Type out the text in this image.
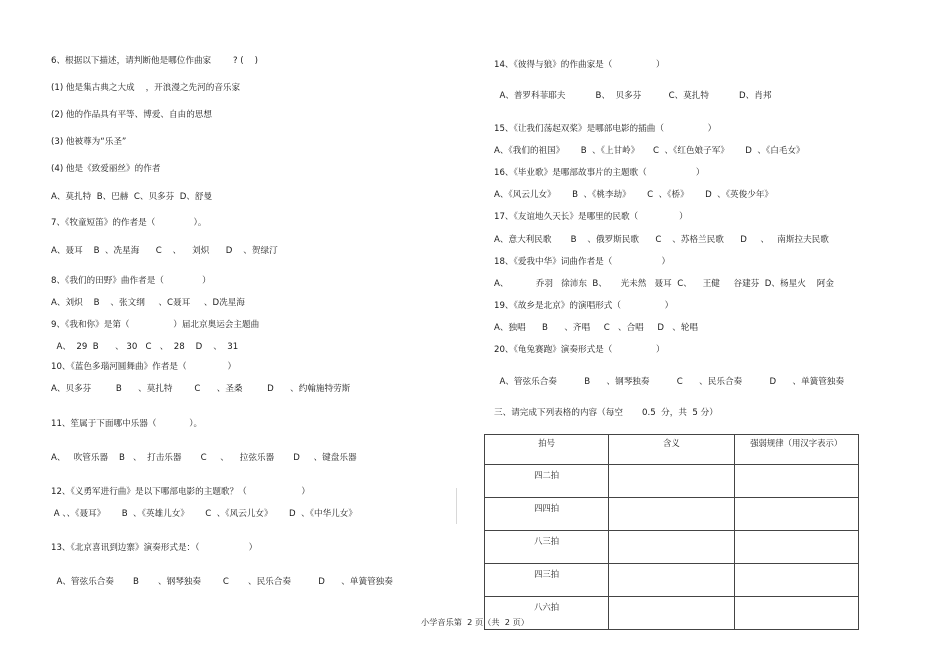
6、根据以下描述，请判断他是哪位作曲家        ? (    )
(1) 他是集古典之大成    ，开浪漫之先河的音乐家
(2) 他的作品具有平等、博爱、自由的思想
(3) 他被尊为“乐圣”
(4) 他是《致爱丽丝》的作者
A、莫扎特  B、巴赫  C、贝多芬  D、舒曼
7、《牧童短笛》的作者是（              ）。
A、聂耳    B  、冼星海      C    、    刘炽      D    、贺绿汀
8、《我们的田野》曲作者是（              ）
A、刘炽    B    、张文纲     、C聂耳     、D冼星海
9、《我和你》是第（                ）届北京奥运会主题曲
A、  29  B      、 30   C   、  28    D    、  31
10、《蓝色多瑙河圆舞曲》作者是（               ）
A、贝多芬         B      、莫扎特        C      、圣桑         D      、约翰施特劳斯
11、笙属于下面哪中乐器（            ）。
A、   吹管乐器    B   、  打击乐器       C     、    拉弦乐器       D     、键盘乐器
12、《义勇军进行曲》是以下哪部电影的主题歌？（                    ）
A 、、《聂耳》      B  、《英雄儿女》      C  、《风云儿女》      D  、《中华儿女》
13、《北京喜讯到边寨》演奏形式是：（                  ）
A、管弦乐合奏       B       、钢琴独奏        C       、民乐合奏          D      、单簧管独奏
14、《彼得与狼》的作曲家是（                ）
A、普罗科菲耶夫           B、  贝多芬          C、莫扎特           D、肖邦
15、《让我们荡起双桨》是哪部电影的插曲（                ）
A、《我们的祖国》      B  、《上甘岭》     C  、《红色娘子军》      D  、《白毛女》
16、《毕业歌》是哪部故事片的主题歌（                  ）
A、《风云儿女》      B  、《桃李劫》      C  、《桥》      D  、《英俊少年》
17、《友谊地久天长》是哪里的民歌（               ）
A、意大利民歌       B    、俄罗斯民歌      C    、苏格兰民歌      D     、   南斯拉夫民歌
18、《爱我中华》词曲作者是（                  ）
A、          乔羽   徐沛东  B、     光未然   聂耳  C、    王健     谷建芬  D、杨星火    阿金
19、《故乡是北京》的演唱形式（                ）
A、独唱      B      、齐唱     C   、合唱     D   、轮唱
20、《龟兔赛跑》演奏形式是（                ）
A、管弦乐合奏          B      、钢琴独奏          C      、民乐合奏          D      、单簧管独奏
三、请完成下列表格的内容（每空       0.5  分，共  5 分）
拍号	含义	强弱规律（用汉字表示）
四二拍		
四四拍		
八三拍		
四三拍		
八六拍		
小学音乐第  2 页（共  2 页）
